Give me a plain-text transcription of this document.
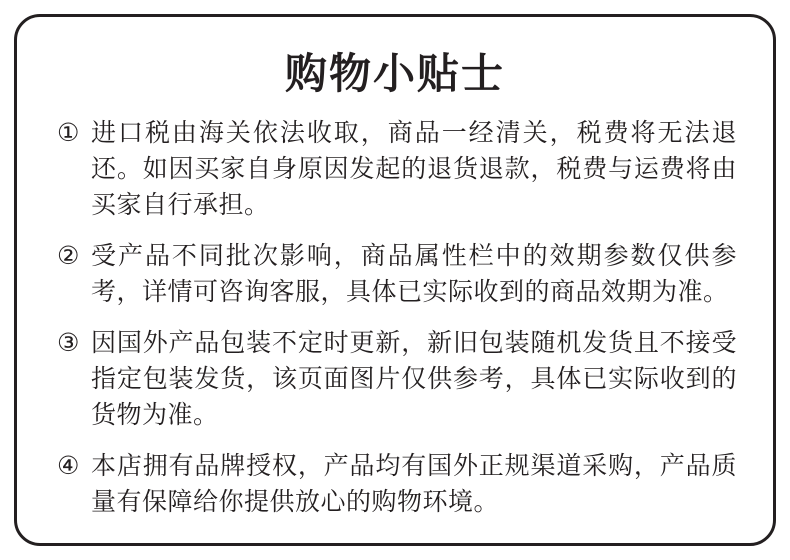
购物小贴士
① 进口税由海关依法收取，商品一经清关，税费将无法退还。如因买家自身原因发起的退货退款，税费与运费将由买家自行承担。
② 受产品不同批次影响，商品属性栏中的效期参数仅供参考，详情可咨询客服，具体已实际收到的商品效期为准。
③ 因国外产品包装不定时更新，新旧包装随机发货且不接受指定包装发货，该页面图片仅供参考，具体已实际收到的货物为准。
④ 本店拥有品牌授权，产品均有国外正规渠道采购，产品质量有保障给你提供放心的购物环境。
